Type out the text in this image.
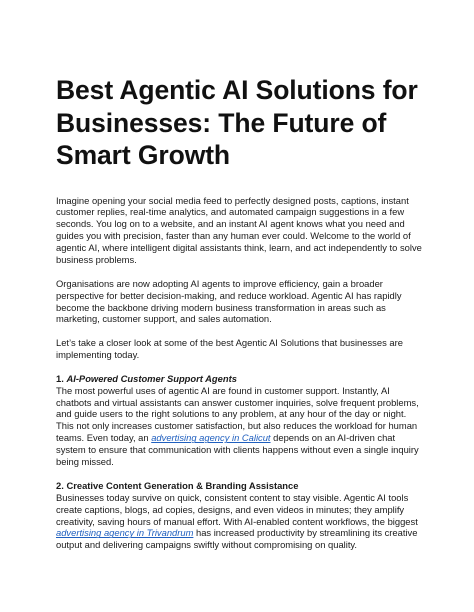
Best Agentic AI Solutions for Businesses: The Future of Smart Growth

Imagine opening your social media feed to perfectly designed posts, captions, instant customer replies, real-time analytics, and automated campaign suggestions in a few seconds. You log on to a website, and an instant AI agent knows what you need and guides you with precision, faster than any human ever could. Welcome to the world of agentic AI, where intelligent digital assistants think, learn, and act independently to solve business problems.

Organisations are now adopting AI agents to improve efficiency, gain a broader perspective for better decision-making, and reduce workload. Agentic AI has rapidly become the backbone driving modern business transformation in areas such as marketing, customer support, and sales automation.

Let’s take a closer look at some of the best Agentic AI Solutions that businesses are implementing today.

1. AI-Powered Customer Support Agents

The most powerful uses of agentic AI are found in customer support. Instantly, AI chatbots and virtual assistants can answer customer inquiries, solve frequent problems, and guide users to the right solutions to any problem, at any hour of the day or night. This not only increases customer satisfaction, but also reduces the workload for human teams. Even today, an advertising agency in Calicut depends on an AI-driven chat system to ensure that communication with clients happens without even a single inquiry being missed.

2. Creative Content Generation & Branding Assistance

Businesses today survive on quick, consistent content to stay visible. Agentic AI tools create captions, blogs, ad copies, designs, and even videos in minutes; they amplify creativity, saving hours of manual effort. With AI-enabled content workflows, the biggest advertising agency in Trivandrum has increased productivity by streamlining its creative output and delivering campaigns swiftly without compromising on quality.
